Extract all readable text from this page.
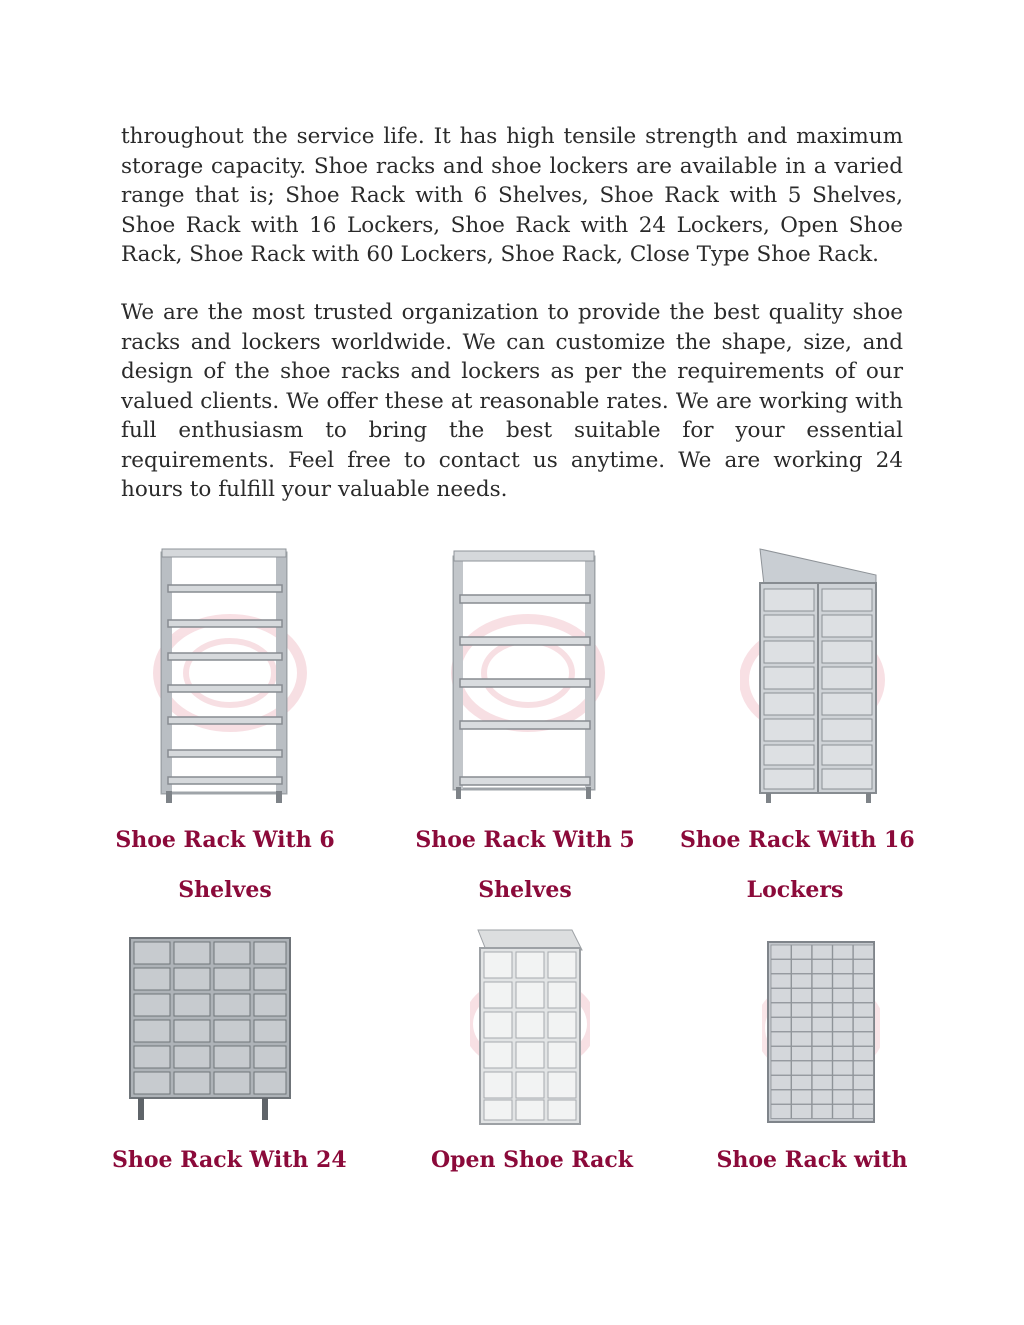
throughout the service life. It has high tensile strength and maximum storage capacity. Shoe racks and shoe lockers are available in a varied range that is; Shoe Rack with 6 Shelves, Shoe Rack with 5 Shelves, Shoe Rack with 16 Lockers, Shoe Rack with 24 Lockers, Open Shoe Rack, Shoe Rack with 60 Lockers, Shoe Rack, Close Type Shoe Rack.

We are the most trusted organization to provide the best quality shoe racks and lockers worldwide. We can customize the shape, size, and design of the shoe racks and lockers as per the requirements of our valued clients. We offer these at reasonable rates. We are working with full enthusiasm to bring the best suitable for your essential requirements. Feel free to contact us anytime. We are working 24 hours to fulfill your valuable needs.

Shoe Rack With 6
Shelves
Shoe Rack With 5
Shelves
Shoe Rack With 16
Lockers
Shoe Rack With 24	Open Shoe Rack	Shoe Rack with
